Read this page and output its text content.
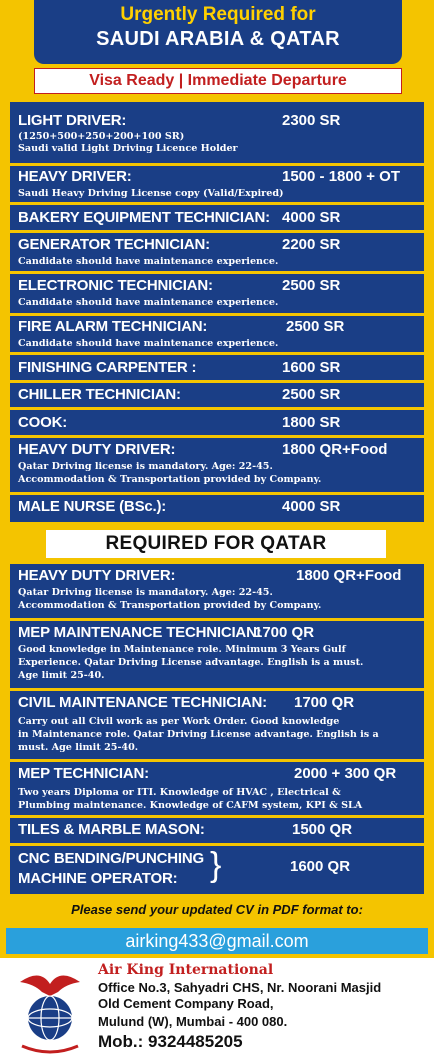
Urgently Required for
SAUDI ARABIA & QATAR
Visa Ready | Immediate Departure
LIGHT DRIVER:	2300 SR
(1250+500+250+200+100 SR)
Saudi valid Light Driving Licence Holder
HEAVY DRIVER:	1500 - 1800 + OT
Saudi Heavy Driving License copy (Valid/Expired)
BAKERY EQUIPMENT TECHNICIAN: 4000 SR
GENERATOR TECHNICIAN:	2200 SR
Candidate should have maintenance experience.
ELECTRONIC TECHNICIAN:	2500 SR
Candidate should have maintenance experience.
FIRE ALARM TECHNICIAN:	2500 SR
Candidate should have maintenance experience.
FINISHING CARPENTER :	1600 SR
CHILLER TECHNICIAN:	2500 SR
COOK:	1800 SR
HEAVY DUTY DRIVER:	1800 QR+Food
Qatar Driving license is mandatory. Age: 22-45.
Accommodation & Transportation provided by Company.
MALE NURSE (BSc.):	4000 SR
REQUIRED FOR QATAR
HEAVY DUTY DRIVER:	1800 QR+Food
Qatar Driving license is mandatory. Age: 22-45.
Accommodation & Transportation provided by Company.
MEP MAINTENANCE TECHNICIAN:
1700 QR
Good knowledge in Maintenance role. Minimum 3 Years Gulf
Experience. Qatar Driving License advantage. English is a must.
Age limit 25-40.
CIVIL MAINTENANCE TECHNICIAN: 1700 QR
Carry out all Civil work as per Work Order. Good knowledge
in Maintenance role. Qatar Driving License advantage. English is a
must. Age limit 25-40.
MEP TECHNICIAN:	2000 + 300 QR
Two years Diploma or ITI. Knowledge of HVAC , Electrical &
Plumbing maintenance. Knowledge of CAFM system, KPI & SLA
TILES & MARBLE MASON:	1500 QR
CNC BENDING/PUNCHING
MACHINE OPERATOR: }	1600 QR
Please send your updated CV in PDF format to:
airking433@gmail.com
Air King International
Office No.3, Sahyadri CHS, Nr. Noorani Masjid
Old Cement Company Road,
Mulund (W), Mumbai - 400 080.
Mob.: 9324485205
